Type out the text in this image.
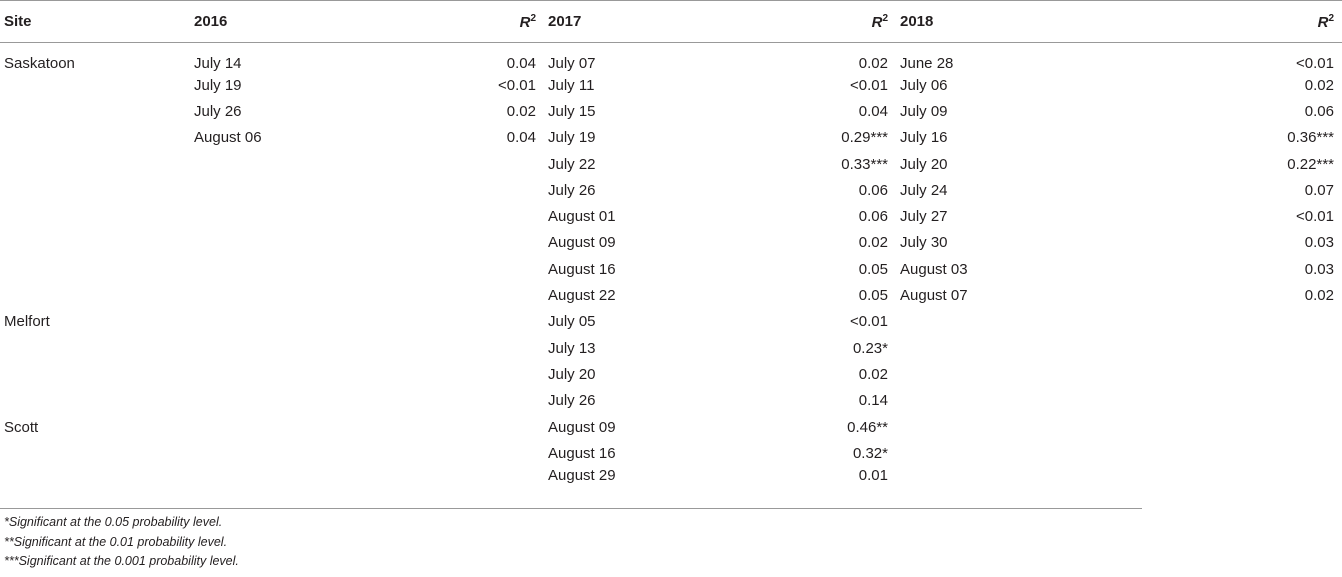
Site	2016	$R^2$	2017	$R^2$	2018	$R^2$
Saskatoon	July 14	0.04	July 07	0.02	June 28	<0.01
	July 19	<0.01	July 11	<0.01	July 06	0.02
	July 26	0.02	July 15	0.04	July 09	0.06
	August 06	0.04	July 19	0.29***	July 16	0.36***
			July 22	0.33***	July 20	0.22***
			July 26	0.06	July 24	0.07
			August 01	0.06	July 27	<0.01
			August 09	0.02	July 30	0.03
			August 16	0.05	August 03	0.03
			August 22	0.05	August 07	0.02
Melfort			July 05	<0.01		
			July 13	0.23*		
			July 20	0.02		
			July 26	0.14		
Scott			August 09	0.46**		
			August 16	0.32*		
			August 29	0.01		
*Significant at the 0.05 probability level.
**Significant at the 0.01 probability level.
***Significant at the 0.001 probability level.
